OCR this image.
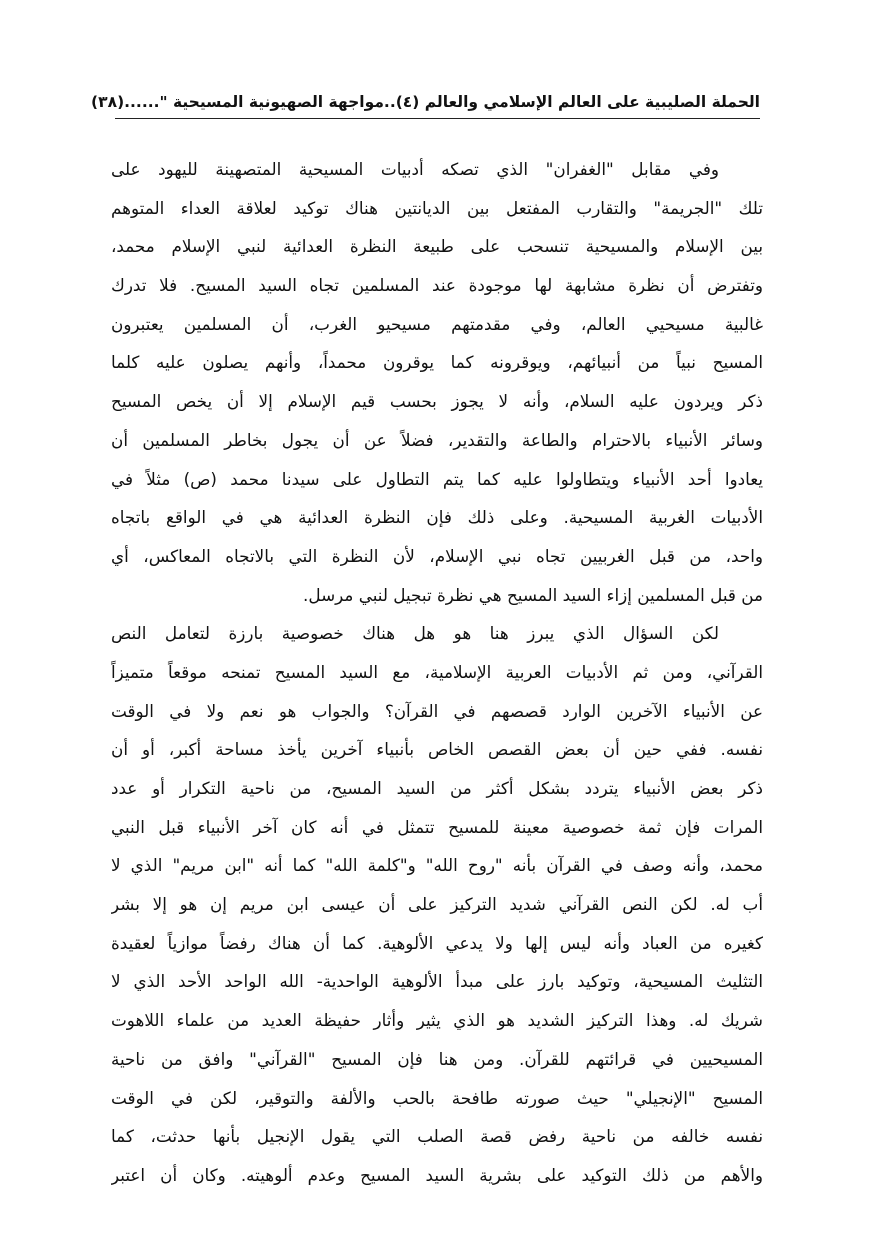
الحملة الصليبية على العالم الإسلامي والعالم (٤)..مواجهة الصهيونية المسيحية "......
(٣٨)
وفي مقابل "الغفران" الذي تصكه أدبيات المسيحية المتصهينة لليهود على
تلك "الجريمة" والتقارب المفتعل بين الديانتين هناك توكيد لعلاقة العداء المتوهم
بين الإسلام والمسيحية تنسحب على طبيعة النظرة العدائية لنبي الإسلام محمد،
وتفترض أن نظرة مشابهة لها موجودة عند المسلمين تجاه السيد المسيح. فلا تدرك
غالبية مسيحيي العالم، وفي مقدمتهم مسيحيو الغرب، أن المسلمين يعتبرون
المسيح نبياً من أنبيائهم، ويوقرونه كما يوقرون محمداً، وأنهم يصلون عليه كلما
ذكر ويردون عليه السلام، وأنه لا يجوز بحسب قيم الإسلام إلا أن يخص المسيح
وسائر الأنبياء بالاحترام والطاعة والتقدير، فضلاً عن أن يجول بخاطر المسلمين أن
يعادوا أحد الأنبياء ويتطاولوا عليه كما يتم التطاول على سيدنا محمد (ص) مثلاً في
الأدبيات الغربية المسيحية. وعلى ذلك فإن النظرة العدائية هي في الواقع باتجاه
واحد، من قبل الغربيين تجاه نبي الإسلام، لأن النظرة التي بالاتجاه المعاكس، أي
من قبل المسلمين إزاء السيد المسيح هي نظرة تبجيل لنبي مرسل.
لكن السؤال الذي يبرز هنا هو هل هناك خصوصية بارزة لتعامل النص
القرآني، ومن ثم الأدبيات العربية الإسلامية، مع السيد المسيح تمنحه موقعاً متميزاً
عن الأنبياء الآخرين الوارد قصصهم في القرآن؟ والجواب هو نعم ولا في الوقت
نفسه. ففي حين أن بعض القصص الخاص بأنبياء آخرين يأخذ مساحة أكبر، أو أن
ذكر بعض الأنبياء يتردد بشكل أكثر من السيد المسيح، من ناحية التكرار أو عدد
المرات فإن ثمة خصوصية معينة للمسيح تتمثل في أنه كان آخر الأنبياء قبل النبي
محمد، وأنه وصف في القرآن بأنه "روح الله" و"كلمة الله" كما أنه "ابن مريم" الذي لا
أب له. لكن النص القرآني شديد التركيز على أن عيسى ابن مريم إن هو إلا بشر
كغيره من العباد وأنه ليس إلها ولا يدعي الألوهية. كما أن هناك رفضاً موازياً لعقيدة
التثليث المسيحية، وتوكيد بارز على مبدأ الألوهية الواحدية- الله الواحد الأحد الذي لا
شريك له. وهذا التركيز الشديد هو الذي يثير وأثار حفيظة العديد من علماء اللاهوت
المسيحيين في قرائتهم للقرآن. ومن هنا فإن المسيح "القرآني" وافق من ناحية
المسيح "الإنجيلي" حيث صورته طافحة بالحب والألفة والتوقير، لكن في الوقت
نفسه خالفه من ناحية رفض قصة الصلب التي يقول الإنجيل بأنها حدثت، كما
والأهم من ذلك التوكيد على بشرية السيد المسيح وعدم ألوهيته. وكان أن اعتبر
